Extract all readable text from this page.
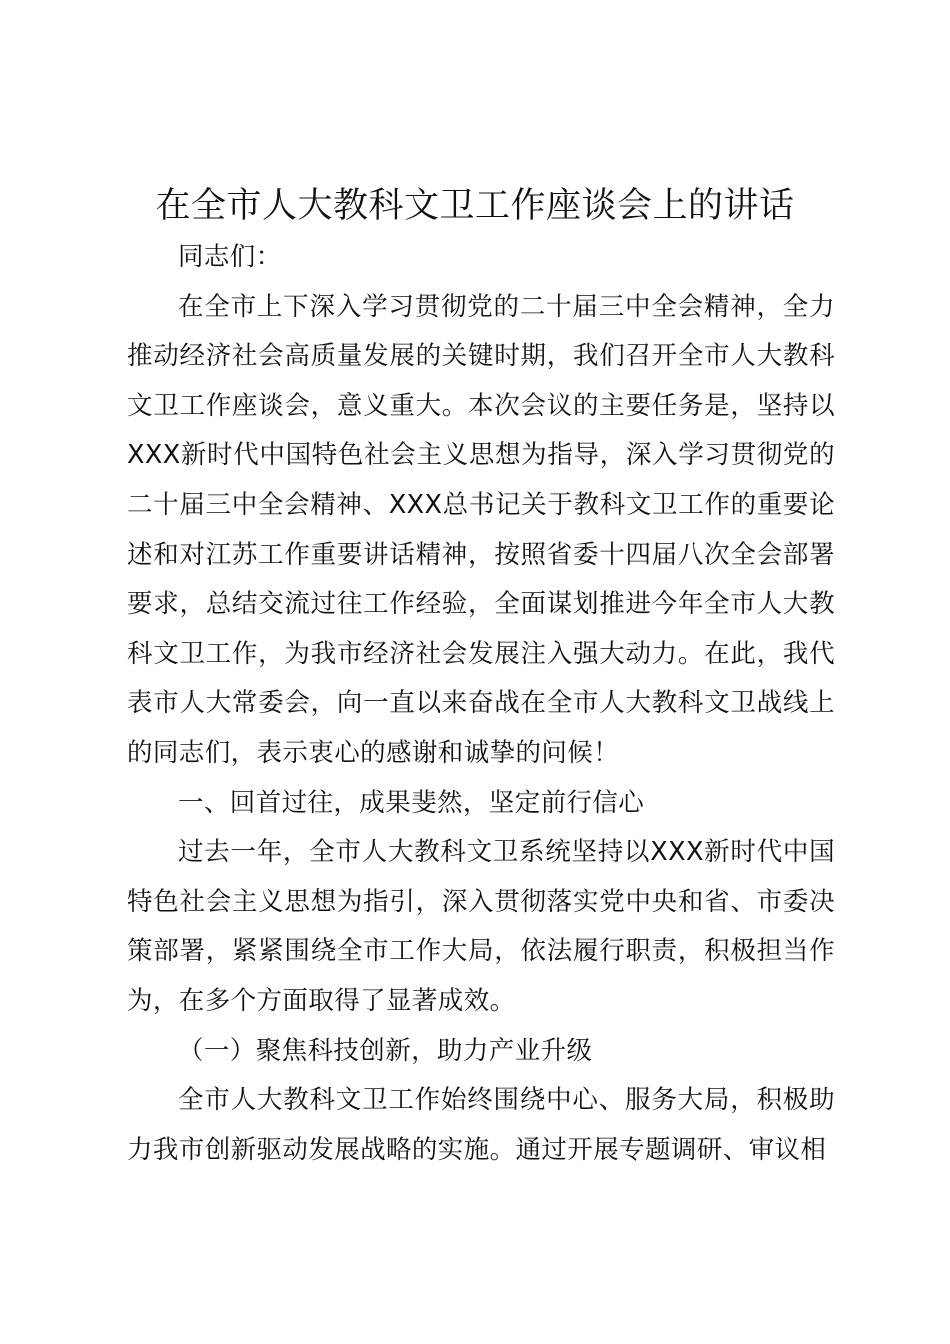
在全市人大教科文卫工作座谈会上的讲话

同志们：

在全市上下深入学习贯彻党的二十届三中全会精神，全力推动经济社会高质量发展的关键时期，我们召开全市人大教科文卫工作座谈会，意义重大。本次会议的主要任务是，坚持以XXX新时代中国特色社会主义思想为指导，深入学习贯彻党的二十届三中全会精神、XXX总书记关于教科文卫工作的重要论述和对江苏工作重要讲话精神，按照省委十四届八次全会部署要求，总结交流过往工作经验，全面谋划推进今年全市人大教科文卫工作，为我市经济社会发展注入强大动力。在此，我代表市人大常委会，向一直以来奋战在全市人大教科文卫战线上的同志们，表示衷心的感谢和诚挚的问候！

一、回首过往，成果斐然，坚定前行信心

过去一年，全市人大教科文卫系统坚持以XXX新时代中国特色社会主义思想为指引，深入贯彻落实党中央和省、市委决策部署，紧紧围绕全市工作大局，依法履行职责，积极担当作为，在多个方面取得了显著成效。

（一）聚焦科技创新，助力产业升级

全市人大教科文卫工作始终围绕中心、服务大局，积极助力我市创新驱动发展战略的实施。通过开展专题调研、审议相
